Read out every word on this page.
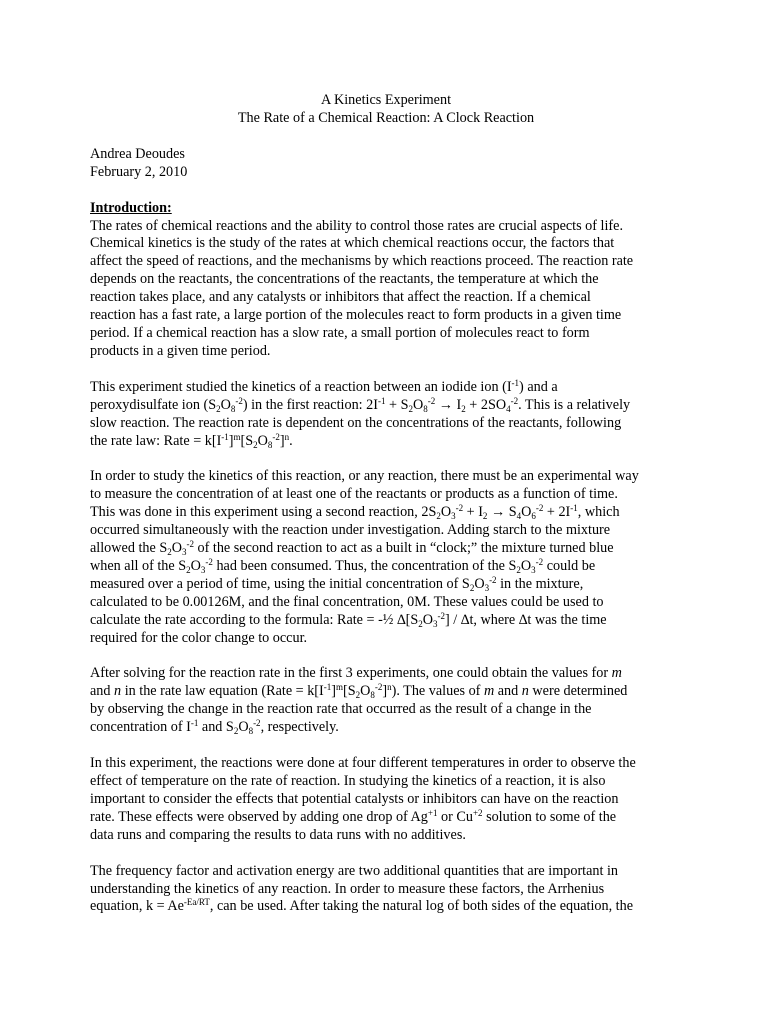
A Kinetics Experiment

The Rate of a Chemical Reaction: A Clock Reaction

Andrea Deoudes

February 2, 2010

Introduction:

The rates of chemical reactions and the ability to control those rates are crucial aspects of life.

Chemical kinetics is the study of the rates at which chemical reactions occur, the factors that

affect the speed of reactions, and the mechanisms by which reactions proceed. The reaction rate

depends on the reactants, the concentrations of the reactants, the temperature at which the

reaction takes place, and any catalysts or inhibitors that affect the reaction. If a chemical

reaction has a fast rate, a large portion of the molecules react to form products in a given time

period. If a chemical reaction has a slow rate, a small portion of molecules react to form

products in a given time period.

This experiment studied the kinetics of a reaction between an iodide ion $(I^{-1})$ and a

peroxydisulfate ion $(S_2O_8^{-2})$ in the first reaction: $2I^{-1} + S_2O_8^{-2} \to I_2 + 2SO_4^{-2}$. This is a relatively

slow reaction. The reaction rate is dependent on the concentrations of the reactants, following

the rate law: Rate = $k[I^{-1}]^m[S_2O_8^{-2}]^n$.

In order to study the kinetics of this reaction, or any reaction, there must be an experimental way

to measure the concentration of at least one of the reactants or products as a function of time.

This was done in this experiment using a second reaction, $2S_2O_3^{-2} + I_2 \to S_4O_6^{-2} + 2I^{-1}$, which

occurred simultaneously with the reaction under investigation. Adding starch to the mixture

allowed the $S_2O_3^{-2}$ of the second reaction to act as a built in “clock;” the mixture turned blue

when all of the $S_2O_3^{-2}$ had been consumed. Thus, the concentration of the $S_2O_3^{-2}$ could be

measured over a period of time, using the initial concentration of $S_2O_3^{-2}$ in the mixture,

calculated to be 0.00126M, and the final concentration, 0M. These values could be used to

calculate the rate according to the formula: Rate = -½ $\Delta[S_2O_3^{-2}] / \Delta t$, where ∆t was the time

required for the color change to occur.

After solving for the reaction rate in the first 3 experiments, one could obtain the values for m

and n in the rate law equation (Rate = $k[I^{-1}]^m[S_2O_8^{-2}]^n$). The values of m and n were determined

by observing the change in the reaction rate that occurred as the result of a change in the

concentration of $I^{-1}$ and $S_2O_8^{-2}$, respectively.

In this experiment, the reactions were done at four different temperatures in order to observe the

effect of temperature on the rate of reaction. In studying the kinetics of a reaction, it is also

important to consider the effects that potential catalysts or inhibitors can have on the reaction

rate. These effects were observed by adding one drop of $Ag^{+1}$ or $Cu^{+2}$ solution to some of the

data runs and comparing the results to data runs with no additives.

The frequency factor and activation energy are two additional quantities that are important in

understanding the kinetics of any reaction. In order to measure these factors, the Arrhenius

equation, $k = Ae^{-Ea/RT}$, can be used. After taking the natural log of both sides of the equation, the
